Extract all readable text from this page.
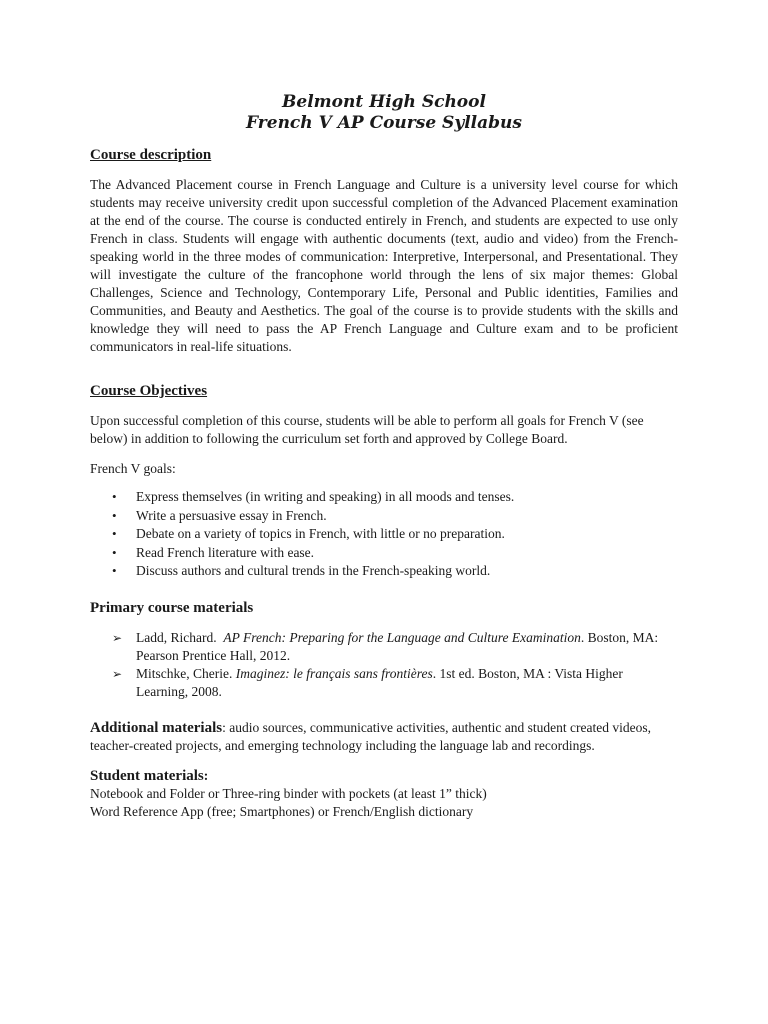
Belmont High School

French V AP Course Syllabus

Course description

The Advanced Placement course in French Language and Culture is a university level course for which students may receive university credit upon successful completion of the Advanced Placement examination at the end of the course. The course is conducted entirely in French, and students are expected to use only French in class. Students will engage with authentic documents (text, audio and video) from the French-speaking world in the three modes of communication: Interpretive, Interpersonal, and Presentational. They will investigate the culture of the francophone world through the lens of six major themes: Global Challenges, Science and Technology, Contemporary Life, Personal and Public identities, Families and Communities, and Beauty and Aesthetics. The goal of the course is to provide students with the skills and knowledge they will need to pass the AP French Language and Culture exam and to be proficient communicators in real-life situations.

Course Objectives

Upon successful completion of this course, students will be able to perform all goals for French V (see below) in addition to following the curriculum set forth and approved by College Board.

French V goals:

• Express themselves (in writing and speaking) in all moods and tenses.
• Write a persuasive essay in French.
• Debate on a variety of topics in French, with little or no preparation.
• Read French literature with ease.
• Discuss authors and cultural trends in the French-speaking world.

Primary course materials

➢ Ladd, Richard. AP French: Preparing for the Language and Culture Examination. Boston, MA: Pearson Prentice Hall, 2012.
➢ Mitschke, Cherie. Imaginez: le français sans frontières. 1st ed. Boston, MA : Vista Higher Learning, 2008.

Additional materials: audio sources, communicative activities, authentic and student created videos, teacher-created projects, and emerging technology including the language lab and recordings.

Student materials:

Notebook and Folder or Three-ring binder with pockets (at least 1” thick)

Word Reference App (free; Smartphones) or French/English dictionary
